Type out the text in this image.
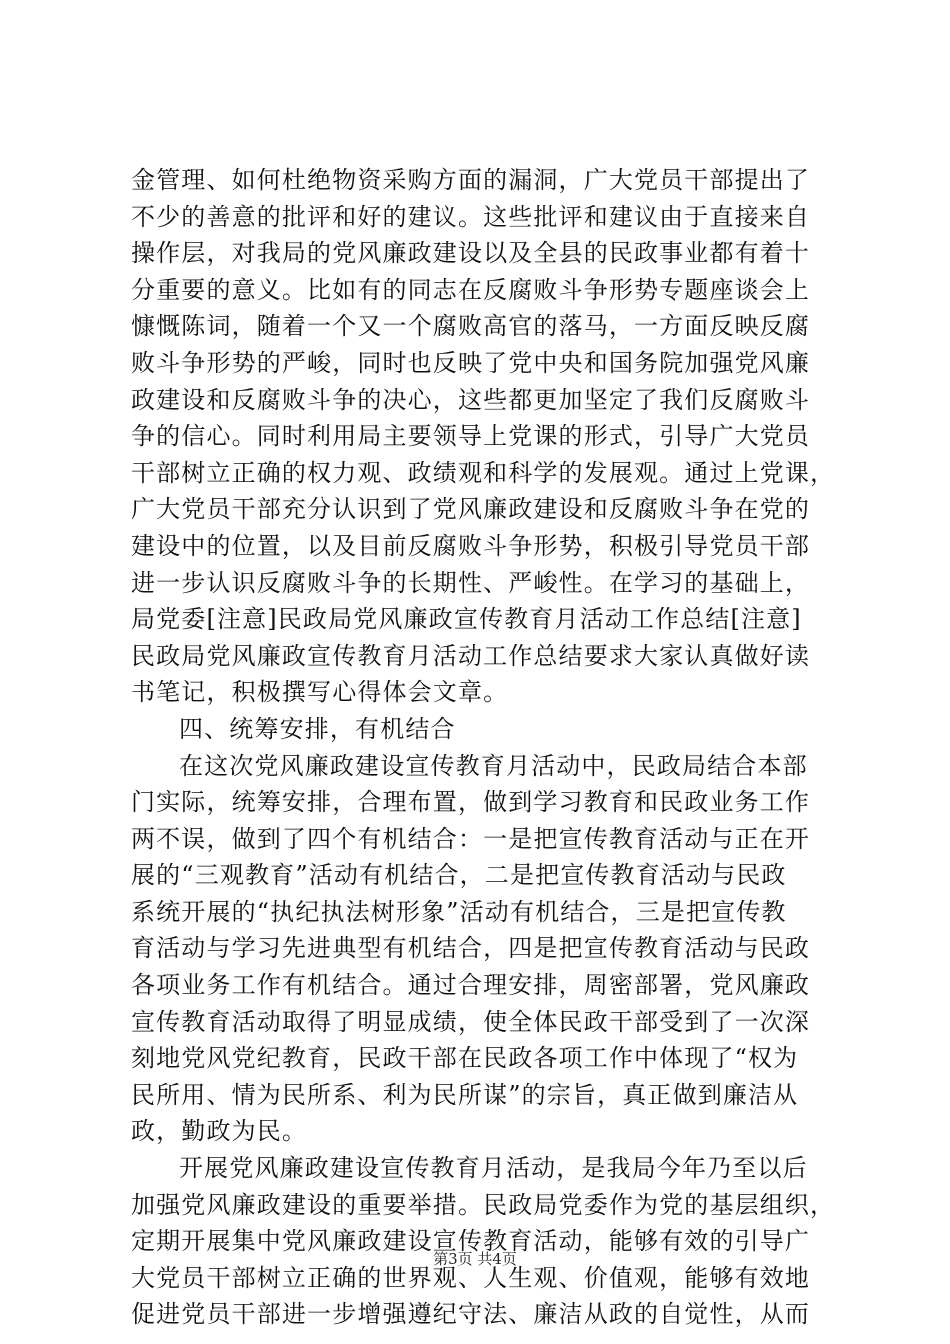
金管理、如何杜绝物资采购方面的漏洞，广大党员干部提出了
不少的善意的批评和好的建议。这些批评和建议由于直接来自
操作层，对我局的党风廉政建设以及全县的民政事业都有着十
分重要的意义。比如有的同志在反腐败斗争形势专题座谈会上
慷慨陈词，随着一个又一个腐败高官的落马，一方面反映反腐
败斗争形势的严峻，同时也反映了党中央和国务院加强党风廉
政建设和反腐败斗争的决心，这些都更加坚定了我们反腐败斗
争的信心。同时利用局主要领导上党课的形式，引导广大党员
干部树立正确的权力观、政绩观和科学的发展观。通过上党课，
广大党员干部充分认识到了党风廉政建设和反腐败斗争在党的
建设中的位置，以及目前反腐败斗争形势，积极引导党员干部
进一步认识反腐败斗争的长期性、严峻性。在学习的基础上，
局党委[注意]民政局党风廉政宣传教育月活动工作总结[注意]
民政局党风廉政宣传教育月活动工作总结要求大家认真做好读
书笔记，积极撰写心得体会文章。
四、统筹安排，有机结合
在这次党风廉政建设宣传教育月活动中，民政局结合本部
门实际，统筹安排，合理布置，做到学习教育和民政业务工作
两不误，做到了四个有机结合：一是把宣传教育活动与正在开
展的“三观教育”活动有机结合，二是把宣传教育活动与民政
系统开展的“执纪执法树形象”活动有机结合，三是把宣传教
育活动与学习先进典型有机结合，四是把宣传教育活动与民政
各项业务工作有机结合。通过合理安排，周密部署，党风廉政
宣传教育活动取得了明显成绩，使全体民政干部受到了一次深
刻地党风党纪教育，民政干部在民政各项工作中体现了“权为
民所用、情为民所系、利为民所谋”的宗旨，真正做到廉洁从
政，勤政为民。
开展党风廉政建设宣传教育月活动，是我局今年乃至以后
加强党风廉政建设的重要举措。民政局党委作为党的基层组织，
定期开展集中党风廉政建设宣传教育活动，能够有效的引导广
大党员干部树立正确的世界观、人生观、价值观，能够有效地
促进党员干部进一步增强遵纪守法、廉洁从政的自觉性，从而
第3页 共4页
